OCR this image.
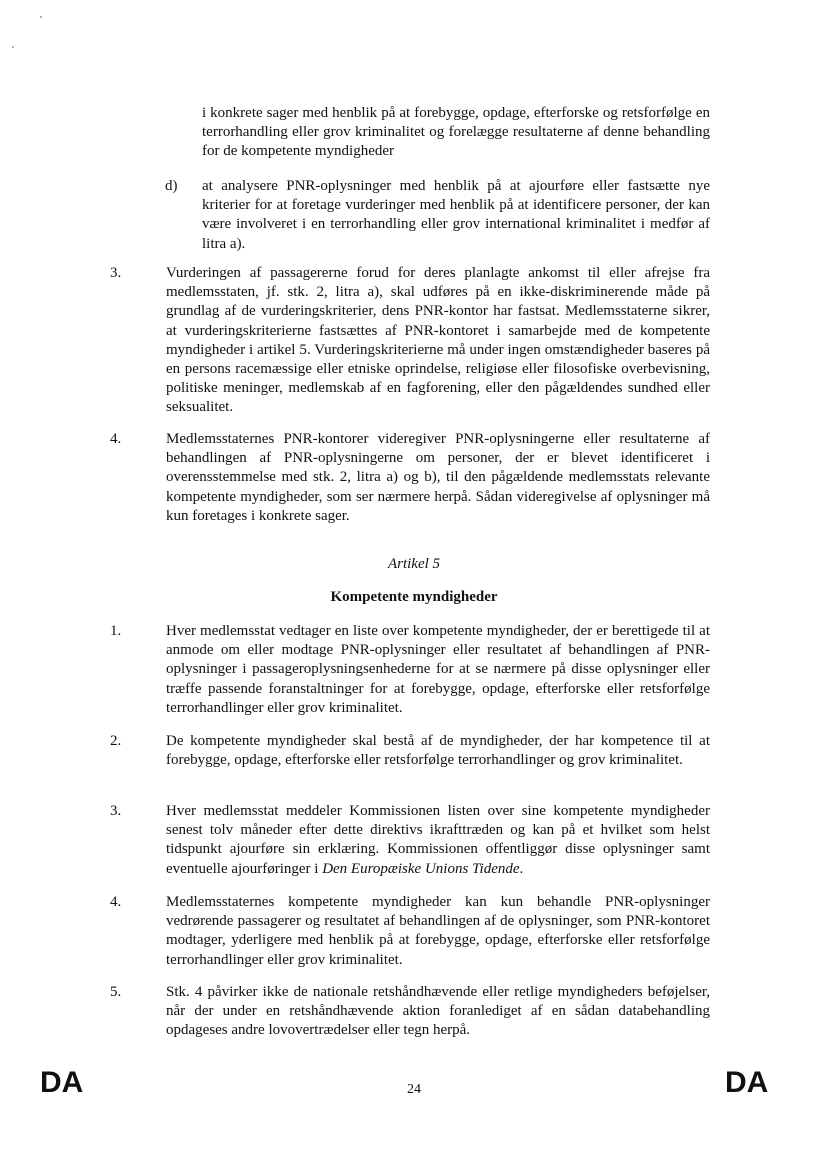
i konkrete sager med henblik på at forebygge, opdage, efterforske og retsforfølge en terrorhandling eller grov kriminalitet og forelægge resultaterne af denne behandling for de kompetente myndigheder

d) at analysere PNR-oplysninger med henblik på at ajourføre eller fastsætte nye kriterier for at foretage vurderinger med henblik på at identificere personer, der kan være involveret i en terrorhandling eller grov international kriminalitet i medfør af litra a).

3.	Vurderingen af passagererne forud for deres planlagte ankomst til eller afrejse fra medlemsstaten, jf. stk. 2, litra a), skal udføres på en ikke-diskriminerende måde på grundlag af de vurderingskriterier, dens PNR-kontor har fastsat. Medlemsstaterne sikrer, at vurderingskriterierne fastsættes af PNR-kontoret i samarbejde med de kompetente myndigheder i artikel 5. Vurderingskriterierne må under ingen omstændigheder baseres på en persons racemæssige eller etniske oprindelse, religiøse eller filosofiske overbevisning, politiske meninger, medlemskab af en fagforening, eller den pågældendes sundhed eller seksualitet.

4.	Medlemsstaternes PNR-kontorer videregiver PNR-oplysningerne eller resultaterne af behandlingen af PNR-oplysningerne om personer, der er blevet identificeret i overensstemmelse med stk. 2, litra a) og b), til den pågældende medlemsstats relevante kompetente myndigheder, som ser nærmere herpå. Sådan videregivelse af oplysninger må kun foretages i konkrete sager.

Artikel 5
Kompetente myndigheder
1.	Hver medlemsstat vedtager en liste over kompetente myndigheder, der er berettigede til at anmode om eller modtage PNR-oplysninger eller resultatet af behandlingen af PNR-oplysninger i passageroplysningsenhederne for at se nærmere på disse oplysninger eller træffe passende foranstaltninger for at forebygge, opdage, efterforske eller retsforfølge terrorhandlinger eller grov kriminalitet.

2.	De kompetente myndigheder skal bestå af de myndigheder, der har kompetence til at forebygge, opdage, efterforske eller retsforfølge terrorhandlinger og grov kriminalitet.

3.	Hver medlemsstat meddeler Kommissionen listen over sine kompetente myndigheder senest tolv måneder efter dette direktivs ikrafttræden og kan på et hvilket som helst tidspunkt ajourføre sin erklæring. Kommissionen offentliggør disse oplysninger samt eventuelle ajourføringer i Den Europæiske Unions Tidende.

4.	Medlemsstaternes kompetente myndigheder kan kun behandle PNR-oplysninger vedrørende passagerer og resultatet af behandlingen af de oplysninger, som PNR-kontoret modtager, yderligere med henblik på at forebygge, opdage, efterforske eller retsforfølge terrorhandlinger eller grov kriminalitet.

5.	Stk. 4 påvirker ikke de nationale retshåndhævende eller retlige myndigheders beføjelser, når der under en retshåndhævende aktion foranlediget af en sådan databehandling opdageses andre lovovertrædelser eller tegn herpå.

DA	24	DA
